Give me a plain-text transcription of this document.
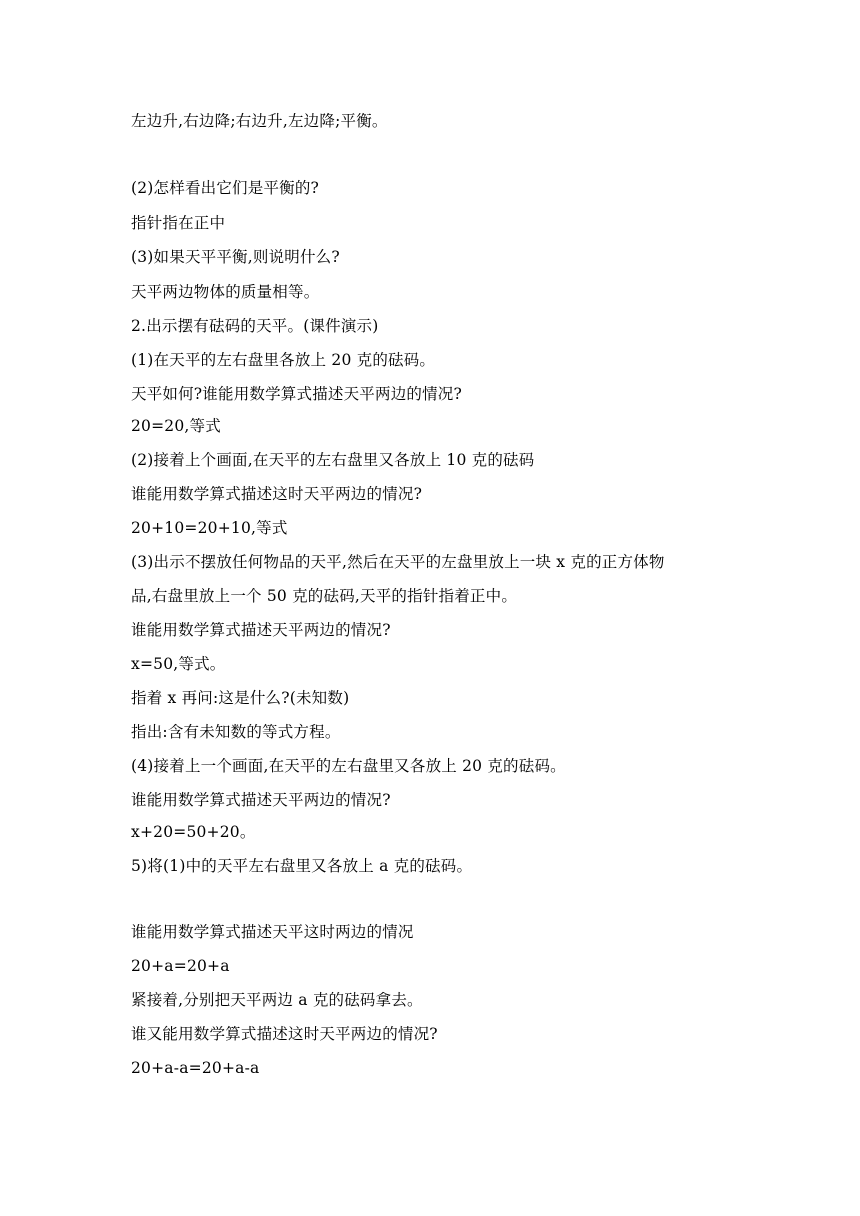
左边升,右边降;右边升,左边降;平衡。
(2)怎样看出它们是平衡的?
指针指在正中
(3)如果天平平衡,则说明什么?
天平两边物体的质量相等。
2.出示摆有砝码的天平。(课件演示)
(1)在天平的左右盘里各放上 20 克的砝码。
天平如何?谁能用数学算式描述天平两边的情况?
20=20,等式
(2)接着上个画面,在天平的左右盘里又各放上 10 克的砝码
谁能用数学算式描述这时天平两边的情况?
20+10=20+10,等式
(3)出示不摆放任何物品的天平,然后在天平的左盘里放上一块 x 克的正方体物
品,右盘里放上一个 50 克的砝码,天平的指针指着正中。
谁能用数学算式描述天平两边的情况?
x=50,等式。
指着 x 再问:这是什么?(未知数)
指出:含有未知数的等式方程。
(4)接着上一个画面,在天平的左右盘里又各放上 20 克的砝码。
谁能用数学算式描述天平两边的情况?
x+20=50+20。
5)将(1)中的天平左右盘里又各放上 a 克的砝码。
谁能用数学算式描述天平这时两边的情况
20+a=20+a
紧接着,分别把天平两边 a 克的砝码拿去。
谁又能用数学算式描述这时天平两边的情况?
20+a-a=20+a-a
